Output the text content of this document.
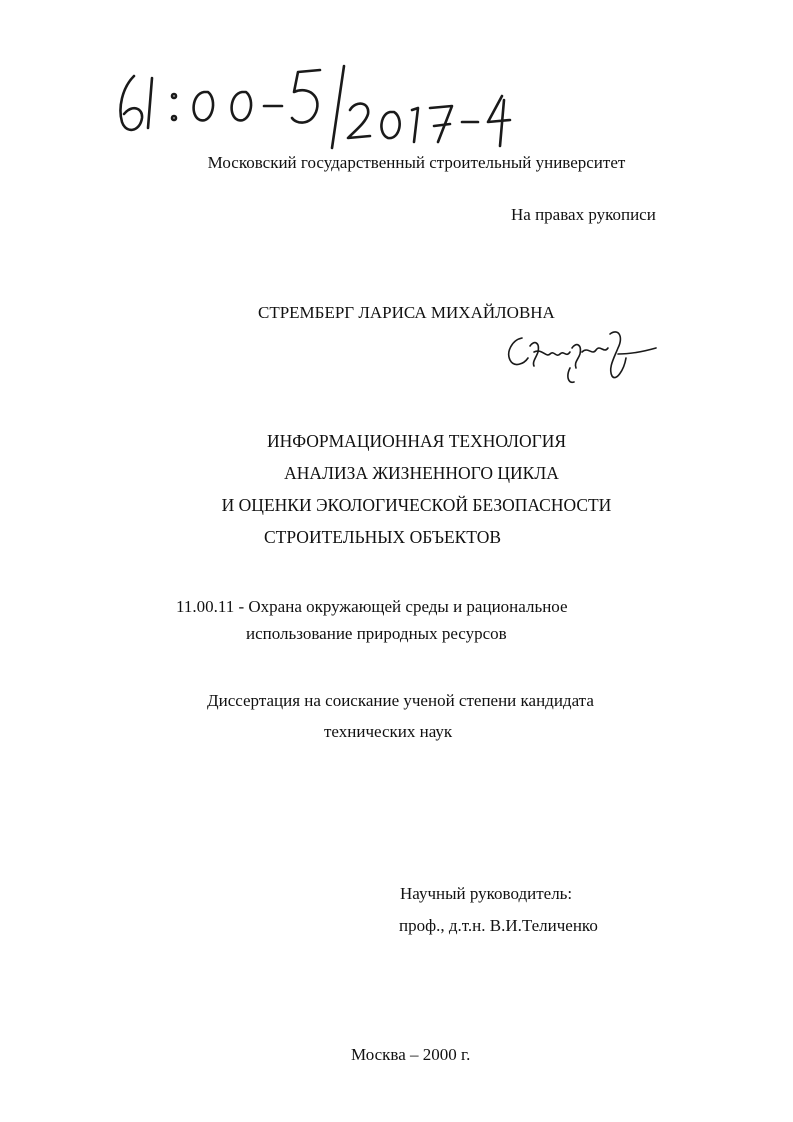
Московский государственный строительный университет
На правах рукописи
СТРЕМБЕРГ ЛАРИСА МИХАЙЛОВНА
ИНФОРМАЦИОННАЯ ТЕХНОЛОГИЯ
АНАЛИЗА ЖИЗНЕННОГО ЦИКЛА
И ОЦЕНКИ ЭКОЛОГИЧЕСКОЙ БЕЗОПАСНОСТИ
СТРОИТЕЛЬНЫХ ОБЪЕКТОВ
11.00.11 - Охрана окружающей среды и рациональное
использование природных ресурсов
Диссертация на соискание ученой степени кандидата
технических наук
Научный руководитель:
проф., д.т.н. В.И.Теличенко
Москва – 2000 г.
